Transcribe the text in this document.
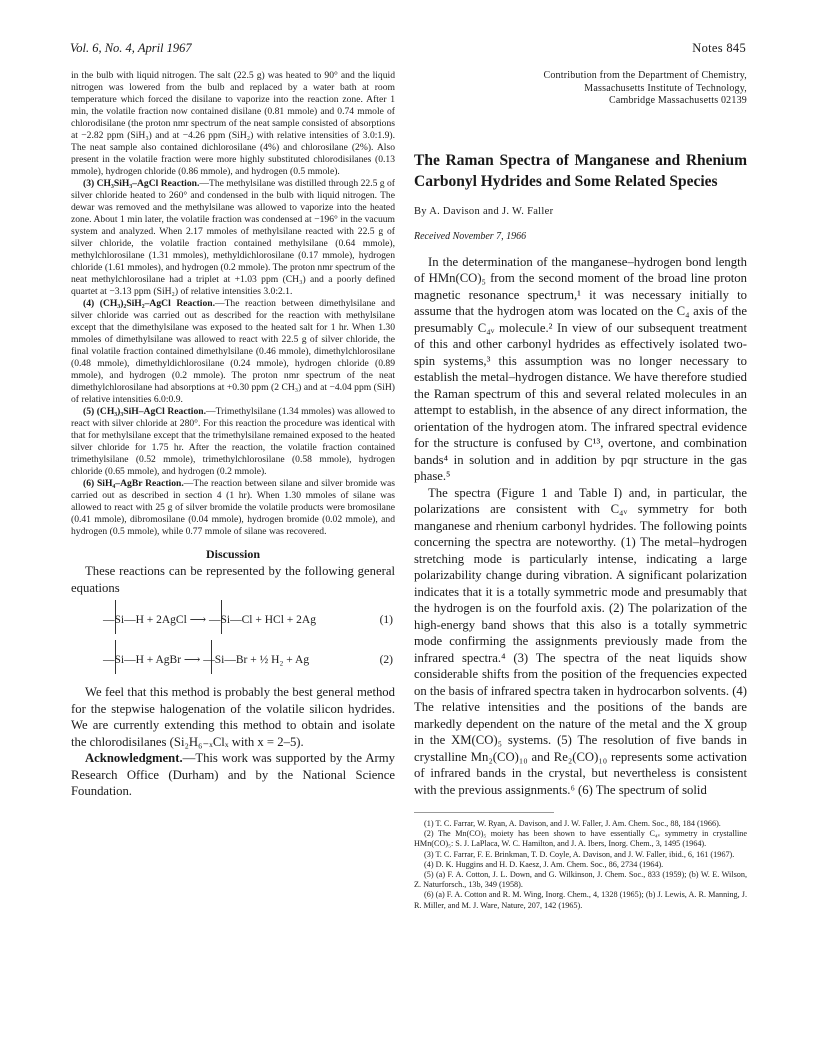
Vol. 6, No. 4, April 1967	Notes 845

in the bulb with liquid nitrogen. The salt (22.5 g) was heated to 90° and the liquid nitrogen was lowered from the bulb and replaced by a water bath at room temperature which forced the disilane to vaporize into the reaction zone. After 1 min, the volatile fraction now contained disilane (0.81 mmole) and 0.74 mmole of chlorodisilane (the proton nmr spectrum of the neat sample consisted of absorptions at −2.82 ppm (SiH₃) and at −4.26 ppm (SiH₂) with relative intensities of 3.0:1.9). The neat sample also contained dichlorosilane (4%) and chlorosilane (2%). Also present in the volatile fraction were more highly substituted chlorodisilanes (0.13 mmole), hydrogen chloride (0.86 mmole), and hydrogen (0.5 mmole).

(3) CH₃SiH₃–AgCl Reaction.—The methylsilane was distilled through 22.5 g of silver chloride heated to 260° and condensed in the bulb with liquid nitrogen. The dewar was removed and the methylsilane was allowed to vaporize into the heated zone. About 1 min later, the volatile fraction was condensed at −196° in the vacuum system and analyzed. When 2.17 mmoles of methylsilane reacted with 22.5 g of silver chloride, the volatile fraction contained methylsilane (0.64 mmole), methylchlorosilane (1.31 mmoles), methyldichlorosilane (0.17 mmole), hydrogen chloride (1.61 mmoles), and hydrogen (0.2 mmole). The proton nmr spectrum of the neat methylchlorosilane had a triplet at +1.03 ppm (CH₃) and a poorly defined quartet at −3.13 ppm (SiH₂) of relative intensities 3.0:2.1.

(4) (CH₃)₂SiH₂–AgCl Reaction.—The reaction between dimethylsilane and silver chloride was carried out as described for the reaction with methylsilane except that the dimethylsilane was exposed to the heated salt for 1 hr. When 1.30 mmoles of dimethylsilane was allowed to react with 22.5 g of silver chloride, the final volatile fraction contained dimethylsilane (0.46 mmole), dimethylchlorosilane (0.48 mmole), dimethyldichlorosilane (0.24 mmole), hydrogen chloride (0.89 mmole), and hydrogen (0.2 mmole). The proton nmr spectrum of the neat dimethylchlorosilane had absorptions at +0.30 ppm (2 CH₃) and at −4.04 ppm (SiH) of relative intensities 6.0:0.9.

(5) (CH₃)₃SiH–AgCl Reaction.—Trimethylsilane (1.34 mmoles) was allowed to react with silver chloride at 280°. For this reaction the procedure was identical with that for methylsilane except that the trimethylsilane remained exposed to the heated silver chloride for 1.75 hr. After the reaction, the volatile fraction contained trimethylsilane (0.52 mmole), trimethylchlorosilane (0.58 mmole), hydrogen chloride (0.65 mmole), and hydrogen (0.2 mmole).

(6) SiH₄–AgBr Reaction.—The reaction between silane and silver bromide was carried out as described in section 4 (1 hr). When 1.30 mmoles of silane was allowed to react with 25 g of silver bromide the volatile products were bromosilane (0.41 mmole), dibromosilane (0.04 mmole), hydrogen bromide (0.02 mmole), and hydrogen (0.5 mmole), while 0.77 mmole of silane was recovered.

Discussion

These reactions can be represented by the following general equations

—Si—H + 2AgCl ⟶ —Si—Cl + HCl + 2Ag	(1)
—Si—H + AgBr ⟶ —Si—Br + ½ H₂ + Ag	(2)

We feel that this method is probably the best general method for the stepwise halogenation of the volatile silicon hydrides. We are currently extending this method to obtain and isolate the chlorodisilanes (Si₂H₆₋ₓClₓ with x = 2–5).

Acknowledgment.—This work was supported by the Army Research Office (Durham) and by the National Science Foundation.

Contribution from the Department of Chemistry,
Massachusetts Institute of Technology,
Cambridge Massachusetts 02139
The Raman Spectra of Manganese and Rhenium Carbonyl Hydrides and Some Related Species
By A. Davison and J. W. Faller
Received November 7, 1966

In the determination of the manganese–hydrogen bond length of HMn(CO)₅ from the second moment of the broad line proton magnetic resonance spectrum,¹ it was necessary initially to assume that the hydrogen atom was located on the C₄ axis of the presumably C₄ᵥ molecule.² In view of our subsequent treatment of this and other carbonyl hydrides as effectively isolated two-spin systems,³ this assumption was no longer necessary to establish the metal–hydrogen distance. We have therefore studied the Raman spectrum of this and several related molecules in an attempt to establish, in the absence of any direct information, the orientation of the hydrogen atom. The infrared spectral evidence for the structure is confused by C¹³, overtone, and combination bands⁴ in solution and in addition by pqr structure in the gas phase.⁵

The spectra (Figure 1 and Table I) and, in particular, the polarizations are consistent with C₄ᵥ symmetry for both manganese and rhenium carbonyl hydrides. The following points concerning the spectra are noteworthy. (1) The metal–hydrogen stretching mode is particularly intense, indicating a large polarizability change during vibration. A significant polarization indicates that it is a totally symmetric mode and presumably that the hydrogen is on the fourfold axis. (2) The polarization of the high-energy band shows that this also is a totally symmetric mode confirming the assignments previously made from the infrared spectra.⁴ (3) The spectra of the neat liquids show considerable shifts from the position of the frequencies expected on the basis of infrared spectra taken in hydrocarbon solvents. (4) The relative intensities and the positions of the bands are markedly dependent on the nature of the metal and the X group in the XM(CO)₅ systems. (5) The resolution of five bands in crystalline Mn₂(CO)₁₀ and Re₂(CO)₁₀ represents some activation of infrared bands in the crystal, but nevertheless is consistent with the previous assignments.⁶ (6) The spectrum of solid

(1) T. C. Farrar, W. Ryan, A. Davison, and J. W. Faller, J. Am. Chem. Soc., 88, 184 (1966).

(2) The Mn(CO)₅ moiety has been shown to have essentially C₄ᵥ symmetry in crystalline HMn(CO)₅: S. J. LaPlaca, W. C. Hamilton, and J. A. Ibers, Inorg. Chem., 3, 1495 (1964).

(3) T. C. Farrar, F. E. Brinkman, T. D. Coyle, A. Davison, and J. W. Faller, ibid., 6, 161 (1967).

(4) D. K. Huggins and H. D. Kaesz, J. Am. Chem. Soc., 86, 2734 (1964).

(5) (a) F. A. Cotton, J. L. Down, and G. Wilkinson, J. Chem. Soc., 833 (1959); (b) W. E. Wilson, Z. Naturforsch., 13b, 349 (1958).

(6) (a) F. A. Cotton and R. M. Wing, Inorg. Chem., 4, 1328 (1965); (b) J. Lewis, A. R. Manning, J. R. Miller, and M. J. Ware, Nature, 207, 142 (1965).
